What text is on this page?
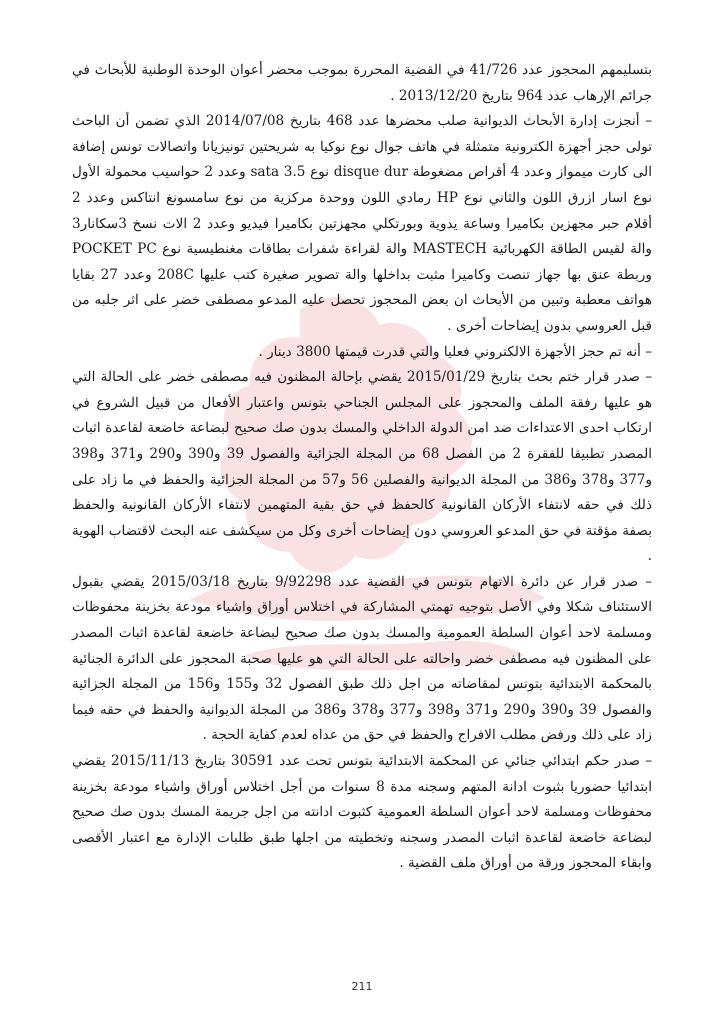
بتسليمهم المحجوز عدد 41/726 في القضية المحررة بموجب محضر أعوان الوحدة الوطنية للأبحاث في جرائم الإرهاب عدد 964 بتاريخ 2013/12/20 .

– أنجزت إدارة الأبحاث الديوانية صلب محضرها عدد 468 بتاريخ 2014/07/08 الذي تضمن أن الباحث تولى حجز أجهزة الكترونية متمثلة في هاتف جوال نوع نوكيا به شريحتين تونيزيانا واتصالات تونس إضافة الى كارت ميمواز وعدد 4 أقراص مضغوطة disque dur نوع sata 3.5 وعدد 2 حواسيب محمولة الأول نوع اسار ازرق اللون والثاني نوع HP رمادي اللون ووحدة مركزية من نوع سامسونغ انتاكس وعدد 2 أقلام حبر مجهزين بكاميرا وساعة يدوية وبورتكلي مجهزتين بكاميرا فيديو وعدد 2 الات نسخ 3سكانار3 والة لقيس الطاقة الكهربائية MASTECH والة لقراءة شفرات بطاقات مغنطيسية نوع POCKET PC وربطة عنق بها جهاز تنصت وكاميرا مثبت بداخلها والة تصوير صغيرة كتب عليها 208C وعدد 27 بقايا هواتف معطبة وتبين من الأبحاث ان بعض المحجوز تحصل عليه المدعو مصطفى خضر على اثر جلبه من قبل العروسي بدون إيضاحات أخرى .

– أنه تم حجز الأجهزة الالكتروني فعليا والتي قدرت قيمتها 3800 دينار .

– صدر قرار ختم بحث بتاريخ 2015/01/29 يقضي بإحالة المظنون فيه مصطفى خضر على الحالة التي هو عليها رفقة الملف والمحجوز على المجلس الجناحي بتونس واعتبار الأفعال من قبيل الشروع في ارتكاب احدى الاعتداءات ضد امن الدولة الداخلي والمسك بدون صك صحيح لبضاعة خاضعة لقاعدة اثبات المصدر تطبيقا للفقرة 2 من الفصل 68 من المجلة الجزائية والفصول 39 و390 و290 و371 و398 و377 و378 و386 من المجلة الديوانية والفصلين 56 و57 من المجلة الجزائية والحفظ في ما زاد على ذلك في حقه لانتفاء الأركان القانونية كالحفظ في حق بقية المتهمين لانتفاء الأركان القانونية والحفظ بصفة مؤقتة في حق المدعو العروسي دون إيضاحات أخرى وكل من سيكشف عنه البحث لاقتضاب الهوية .

– صدر قرار عن دائرة الاتهام بتونس في القضية عدد 9/92298 بتاريخ 2015/03/18 يقضي بقبول الاستئناف شكلا وفي الأصل بتوجيه تهمتي المشاركة في اختلاس أوراق واشياء مودعة بخزينة محفوظات ومسلمة لاحد أعوان السلطة العمومية والمسك بدون صك صحيح لبضاعة خاضعة لقاعدة اثبات المصدر على المظنون فيه مصطفى خضر واحالته على الحالة التي هو عليها صحبة المحجوز على الدائرة الجنائية بالمحكمة الابتدائية بتونس لمقاضاته من اجل ذلك طبق الفصول 32 و155 و156 من المجلة الجزائية والفصول 39 و390 و290 و371 و398 و377 و378 و386 من المجلة الديوانية والحفظ في حقه فيما زاد على ذلك ورفض مطلب الافراج والحفظ في حق من عداه لعدم كفاية الحجة .

– صدر حكم ابتدائي جنائي عن المحكمة الابتدائية بتونس تحت عدد 30591 بتاريخ 2015/11/13 يقضي ابتدائيا حضوريا بثبوت ادانة المتهم وسجنه مدة 8 سنوات من أجل اختلاس أوراق واشياء مودعة بخزينة محفوظات ومسلمة لاحد أعوان السلطة العمومية كثبوت ادانته من اجل جريمة المسك بدون صك صحيح لبضاعة خاضعة لقاعدة اثبات المصدر وسجنه وتخطيته من اجلها طبق طلبات الإدارة مع اعتبار الأقصى وابقاء المحجوز ورقة من أوراق ملف القضية .

211
